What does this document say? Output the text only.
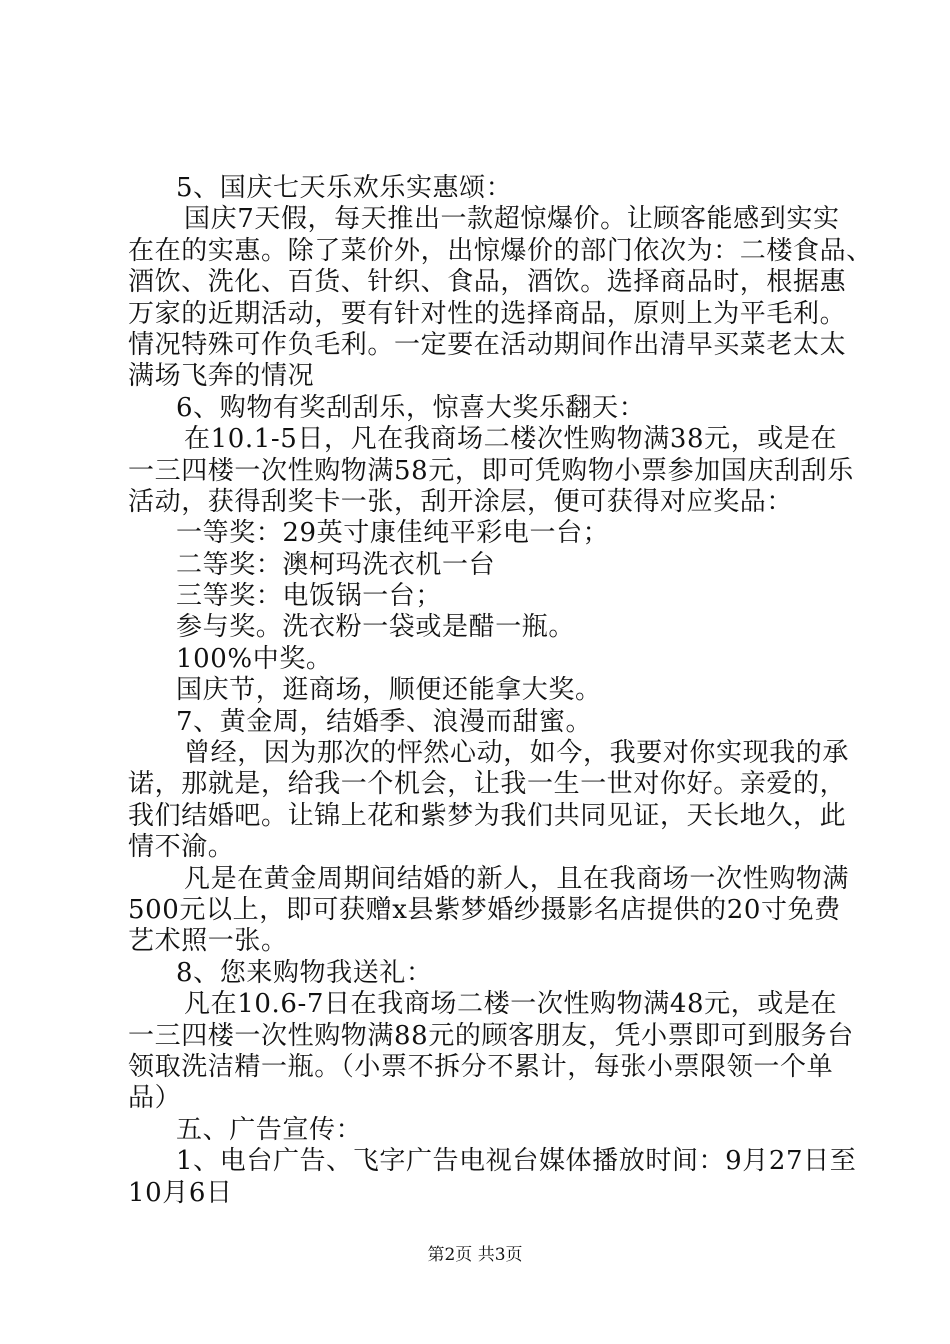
5、国庆七天乐欢乐实惠颂：
国庆7天假，每天推出一款超惊爆价。让顾客能感到实实
在在的实惠。除了菜价外，出惊爆价的部门依次为：二楼食品、
酒饮、洗化、百货、针织、食品，酒饮。选择商品时，根据惠
万家的近期活动，要有针对性的选择商品，原则上为平毛利。
情况特殊可作负毛利。一定要在活动期间作出清早买菜老太太
满场飞奔的情况
6、购物有奖刮刮乐，惊喜大奖乐翻天：
在10.1-5日，凡在我商场二楼次性购物满38元，或是在
一三四楼一次性购物满58元，即可凭购物小票参加国庆刮刮乐
活动，获得刮奖卡一张，刮开涂层，便可获得对应奖品：
一等奖：29英寸康佳纯平彩电一台；
二等奖：澳柯玛洗衣机一台
三等奖：电饭锅一台；
参与奖。洗衣粉一袋或是醋一瓶。
100%中奖。
国庆节，逛商场，顺便还能拿大奖。
7、黄金周，结婚季、浪漫而甜蜜。
曾经，因为那次的怦然心动，如今，我要对你实现我的承
诺，那就是，给我一个机会，让我一生一世对你好。亲爱的，
我们结婚吧。让锦上花和紫梦为我们共同见证，天长地久，此
情不渝。
凡是在黄金周期间结婚的新人，且在我商场一次性购物满
500元以上，即可获赠x县紫梦婚纱摄影名店提供的20寸免费
艺术照一张。
8、您来购物我送礼：
凡在10.6-7日在我商场二楼一次性购物满48元，或是在
一三四楼一次性购物满88元的顾客朋友，凭小票即可到服务台
领取洗洁精一瓶。（小票不拆分不累计，每张小票限领一个单
品）
五、广告宣传：
1、电台广告、飞字广告电视台媒体播放时间：9月27日至
10月6日
第2页 共3页
